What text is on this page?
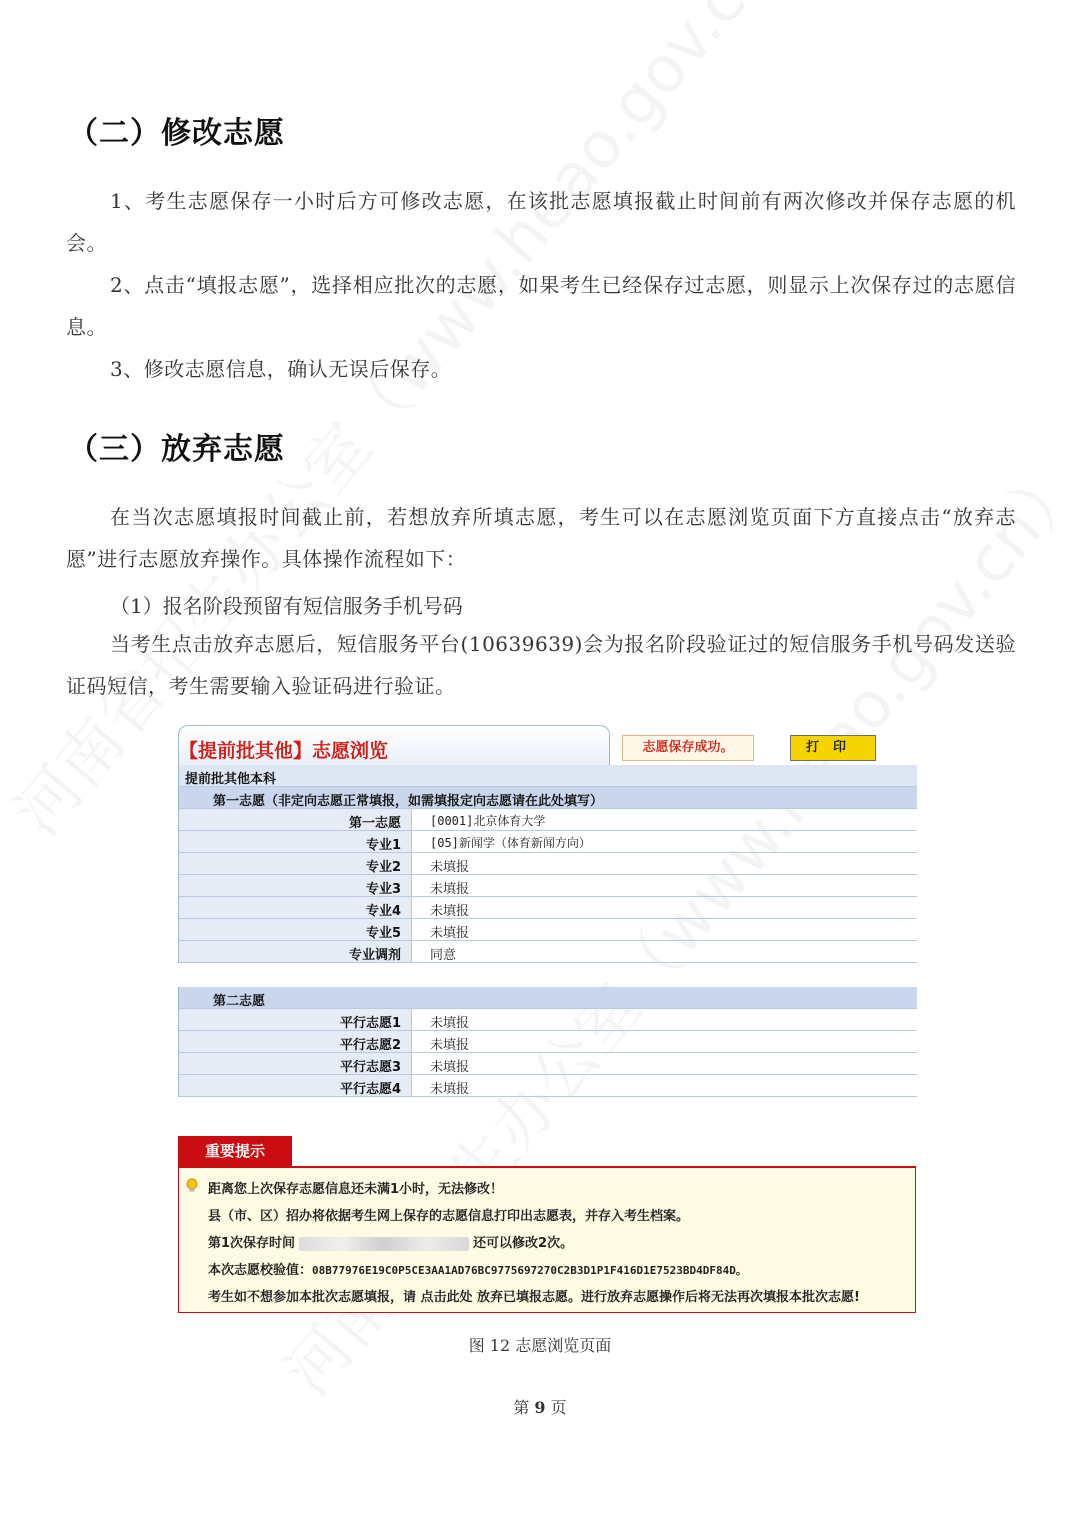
（二）修改志愿
1、考生志愿保存一小时后方可修改志愿，在该批志愿填报截止时间前有两次修改并保存志愿的机会。
2、点击“填报志愿”，选择相应批次的志愿，如果考生已经保存过志愿，则显示上次保存过的志愿信息。
3、修改志愿信息，确认无误后保存。
（三）放弃志愿
在当次志愿填报时间截止前，若想放弃所填志愿，考生可以在志愿浏览页面下方直接点击“放弃志愿”进行志愿放弃操作。具体操作流程如下：
（1）报名阶段预留有短信服务手机号码
当考生点击放弃志愿后，短信服务平台(10639639)会为报名阶段验证过的短信服务手机号码发送验证码短信，考生需要输入验证码进行验证。
【提前批其他】志愿浏览	志愿保存成功。	打印
提前批其他本科
第一志愿（非定向志愿正常填报，如需填报定向志愿请在此处填写）
第一志愿 [0001]北京体育大学
专业1 [05]新闻学（体育新闻方向）
专业2 未填报
专业3 未填报
专业4 未填报
专业5 未填报
专业调剂 同意
第二志愿
平行志愿1 未填报
平行志愿2 未填报
平行志愿3 未填报
平行志愿4 未填报
重要提示
距离您上次保存志愿信息还未满1小时，无法修改！
县（市、区）招办将依据考生网上保存的志愿信息打印出志愿表，并存入考生档案。
第1次保存时间	还可以修改2次。
本次志愿校验值：08B77976E19C0P5CE3AA1AD76BC9775697270C2B3D1P1F416D1E7523BD4DF84D。
考生如不想参加本批次志愿填报，请 点击此处 放弃已填报志愿。进行放弃志愿操作后将无法再次填报本批次志愿!
图 12 志愿浏览页面
第 9 页
